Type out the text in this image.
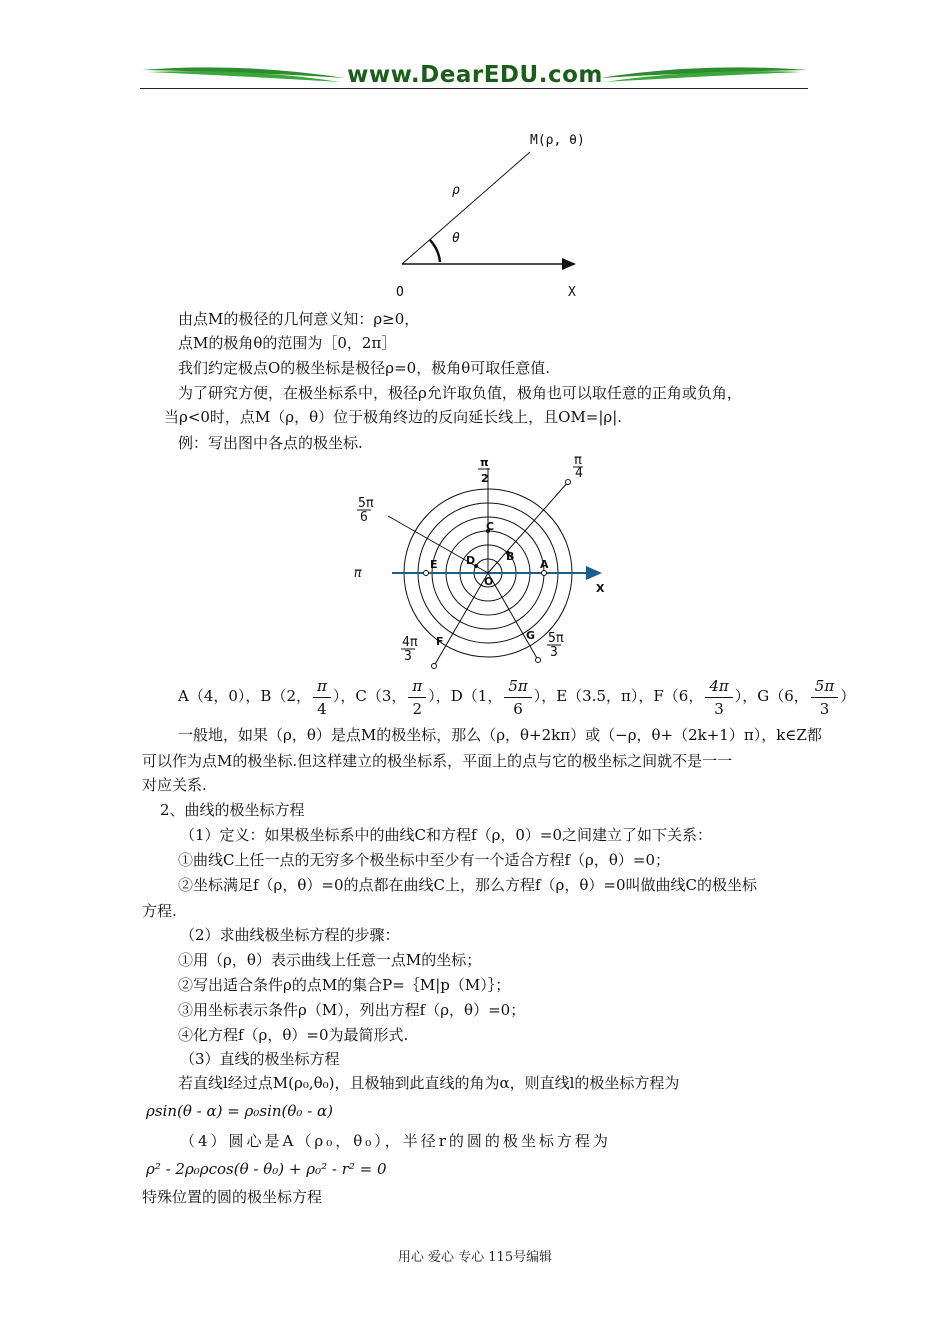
www.DearEDU.com
M(ρ, θ)
ρ
θ
O	X
由点M的极径的几何意义知：ρ≥0，
点M的极角θ的范围为［0，2π］
我们约定极点O的极坐标是极径ρ=0，极角θ可取任意值.
为了研究方便，在极坐标系中，极径ρ允许取负值，极角也可以取任意的正角或负角，
当ρ<0时，点M（ρ，θ）位于极角终边的反向延长线上，且OM=|ρ|.
例：写出图中各点的极坐标.
π
2
π
4
5π
6
π
4π
3
5π
3
X
A
B
C
D
E
F	G
O
A（4，0），B（2， $\frac{\pi}{4}$ ），C（3， $\frac{\pi}{2}$ ），D（1， $\frac{5\pi}{6}$ ），E（3.5，π），F（6， $\frac{4\pi}{3}$ ），G（6， $\frac{5\pi}{3}$ ）
一般地，如果（ρ，θ）是点M的极坐标，那么（ρ，θ+2kπ）或（−ρ，θ+（2k+1）π），k∈Z都
可以作为点M的极坐标.但这样建立的极坐标系，平面上的点与它的极坐标之间就不是一一
对应关系.
2、曲线的极坐标方程
（1）定义：如果极坐标系中的曲线C和方程f（ρ，0）=0之间建立了如下关系：
①曲线C上任一点的无穷多个极坐标中至少有一个适合方程f（ρ，θ）=0；
②坐标满足f（ρ，θ）=0的点都在曲线C上，那么方程f（ρ，θ）=0叫做曲线C的极坐标
方程.
（2）求曲线极坐标方程的步骤：
①用（ρ，θ）表示曲线上任意一点M的坐标；
②写出适合条件ρ的点M的集合P=｛M|p（M）｝；
③用坐标表示条件ρ（M），列出方程f（ρ，θ）=0；
④化方程f（ρ，θ）=0为最简形式.
（3）直线的极坐标方程
若直线l经过点M(ρ₀,θ₀)，且极轴到此直线的角为α，则直线l的极坐标方程为
ρsin(θ - α) = ρ₀sin(θ₀ - α)
（4）圆心是A（ρ₀，θ₀），半径r的圆的极坐标方程为
ρ² - 2ρ₀ρcos(θ - θ₀) + ρ₀² - r² = 0
特殊位置的圆的极坐标方程
用心 爱心 专心 115号编辑
